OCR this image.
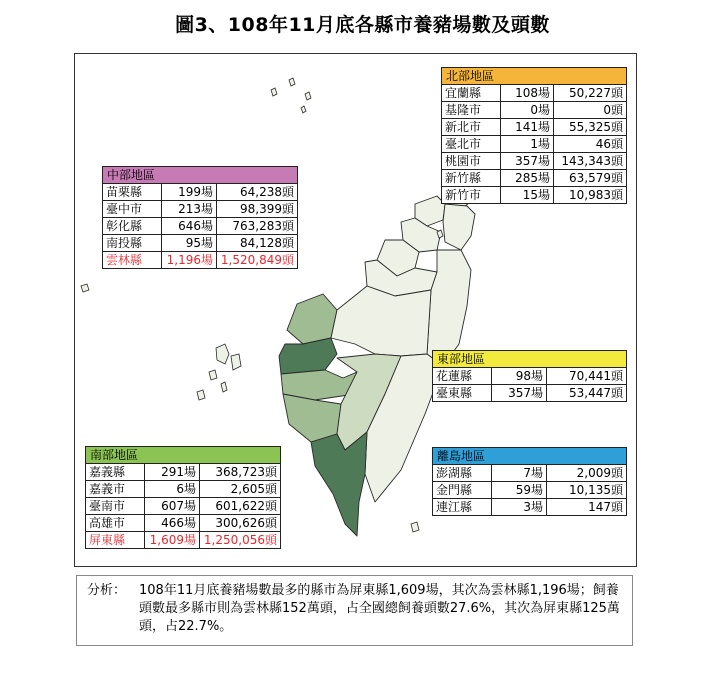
圖3、108年11月底各縣市養豬場數及頭數
北部地區		
宜蘭縣	108場	50,227頭
基隆市	0場	0頭
新北市	141場	55,325頭
臺北市	1場	46頭
桃園市	357場	143,343頭
新竹縣	285場	63,579頭
新竹市	15場	10,983頭
中部地區		
苗栗縣	199場	64,238頭
臺中市	213場	98,399頭
彰化縣	646場	763,283頭
南投縣	95場	84,128頭
雲林縣	1,196場	1,520,849頭
東部地區		
花蓮縣	98場	70,441頭
臺東縣	357場	53,447頭
南部地區		
嘉義縣	291場	368,723頭
嘉義市	6場	2,605頭
臺南市	607場	601,622頭
高雄市	466場	300,626頭
屏東縣	1,609場	1,250,056頭
離島地區		
澎湖縣	7場	2,009頭
金門縣	59場	10,135頭
連江縣	3場	147頭
分析： 108年11月底養豬場數最多的縣市為屏東縣1,609場，其次為雲林縣1,196場；飼養頭數最多縣市則為雲林縣152萬頭，占全國總飼養頭數27.6%，其次為屏東縣125萬頭，占22.7%。
